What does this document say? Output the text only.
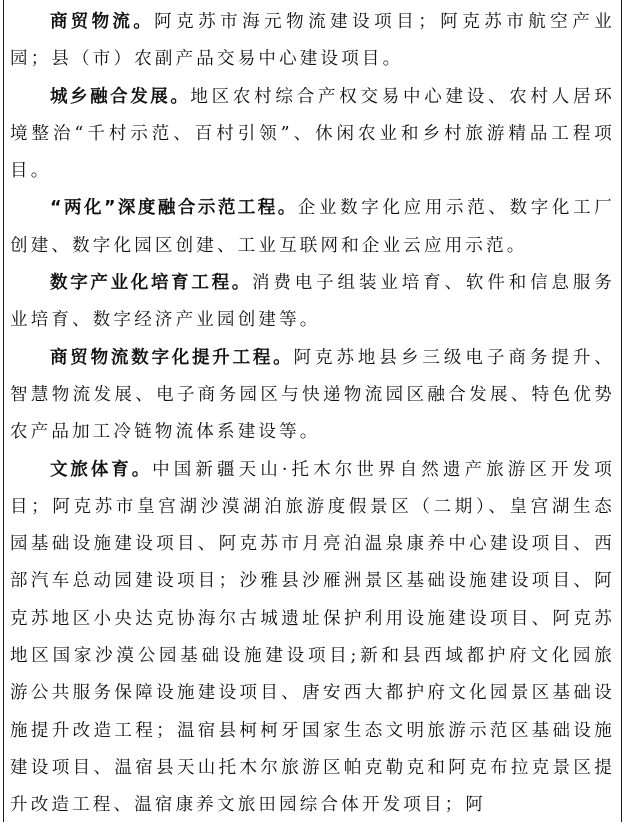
商贸物流。阿克苏市海元物流建设项目；阿克苏市航空产业园；县（市）农副产品交易中心建设项目。

城乡融合发展。地区农村综合产权交易中心建设、农村人居环境整治“千村示范、百村引领”、休闲农业和乡村旅游精品工程项目。

“两化”深度融合示范工程。企业数字化应用示范、数字化工厂创建、数字化园区创建、工业互联网和企业云应用示范。

数字产业化培育工程。消费电子组装业培育、软件和信息服务业培育、数字经济产业园创建等。

商贸物流数字化提升工程。阿克苏地县乡三级电子商务提升、智慧物流发展、电子商务园区与快递物流园区融合发展、特色优势农产品加工冷链物流体系建设等。

文旅体育。中国新疆天山·托木尔世界自然遗产旅游区开发项目；阿克苏市皇宫湖沙漠湖泊旅游度假景区（二期）、皇宫湖生态园基础设施建设项目、阿克苏市月亮泊温泉康养中心建设项目、西部汽车总动园建设项目；沙雅县沙雁洲景区基础设施建设项目、阿克苏地区小央达克协海尔古城遗址保护利用设施建设项目、阿克苏地区国家沙漠公园基础设施建设项目;新和县西域都护府文化园旅游公共服务保障设施建设项目、唐安西大都护府文化园景区基础设施提升改造工程；温宿县柯柯牙国家生态文明旅游示范区基础设施建设项目、温宿县天山托木尔旅游区帕克勒克和阿克布拉克景区提升改造工程、温宿康养文旅田园综合体开发项目；阿
